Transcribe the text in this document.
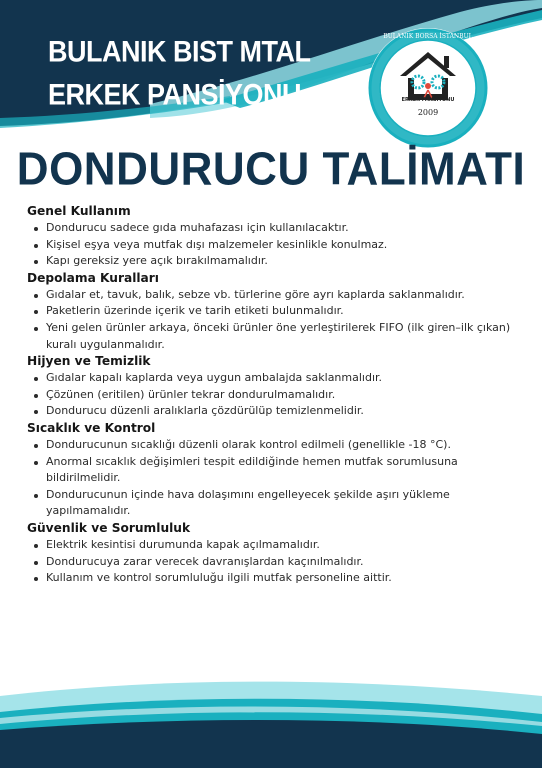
BULANIK BIST MTAL
ERKEK PANSİYONU
BULANIK BORSA İSTANBUL
ERKEK PANSİYONU
2009
DONDURUCU TALİMATI
Genel Kullanım
Dondurucu sadece gıda muhafazası için kullanılacaktır.
Kişisel eşya veya mutfak dışı malzemeler kesinlikle konulmaz.
Kapı gereksiz yere açık bırakılmamalıdır.
Depolama Kuralları
Gıdalar et, tavuk, balık, sebze vb. türlerine göre ayrı kaplarda saklanmalıdır.
Paketlerin üzerinde içerik ve tarih etiketi bulunmalıdır.
Yeni gelen ürünler arkaya, önceki ürünler öne yerleştirilerek FIFO (ilk giren–ilk çıkan) kuralı uygulanmalıdır.
Hijyen ve Temizlik
Gıdalar kapalı kaplarda veya uygun ambalajda saklanmalıdır.
Çözünen (eritilen) ürünler tekrar dondurulmamalıdır.
Dondurucu düzenli aralıklarla çözdürülüp temizlenmelidir.
Sıcaklık ve Kontrol
Dondurucunun sıcaklığı düzenli olarak kontrol edilmeli (genellikle -18 °C).
Anormal sıcaklık değişimleri tespit edildiğinde hemen mutfak sorumlusuna bildirilmelidir.
Dondurucunun içinde hava dolaşımını engelleyecek şekilde aşırı yükleme yapılmamalıdır.
Güvenlik ve Sorumluluk
Elektrik kesintisi durumunda kapak açılmamalıdır.
Dondurucuya zarar verecek davranışlardan kaçınılmalıdır.
Kullanım ve kontrol sorumluluğu ilgili mutfak personeline aittir.
